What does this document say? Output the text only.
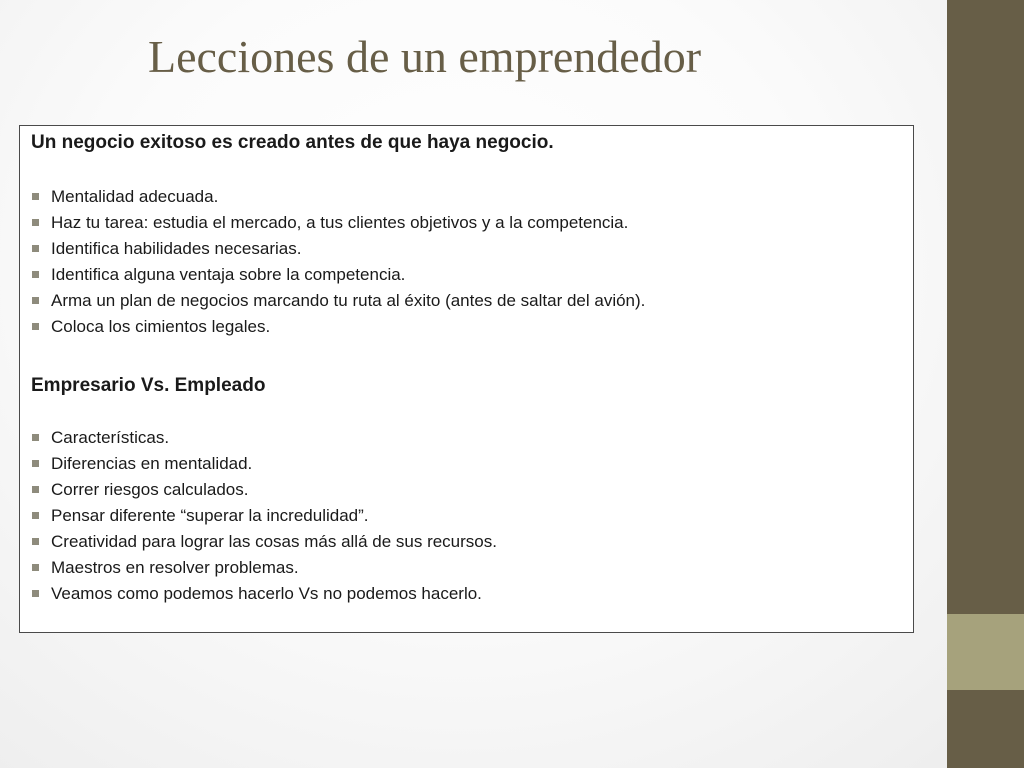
Lecciones de un emprendedor

Un negocio exitoso es creado antes de que haya negocio.

Mentalidad adecuada.
Haz tu tarea: estudia el mercado, a tus clientes objetivos y a la competencia.
Identifica habilidades necesarias.
Identifica alguna ventaja sobre la competencia.
Arma un plan de negocios marcando tu ruta al éxito (antes de saltar del avión).
Coloca los cimientos legales.

Empresario Vs. Empleado

Características.
Diferencias en mentalidad.
Correr riesgos calculados.
Pensar diferente “superar la incredulidad”.
Creatividad para lograr las cosas más allá de sus recursos.
Maestros en resolver problemas.
Veamos como podemos hacerlo Vs no podemos hacerlo.
